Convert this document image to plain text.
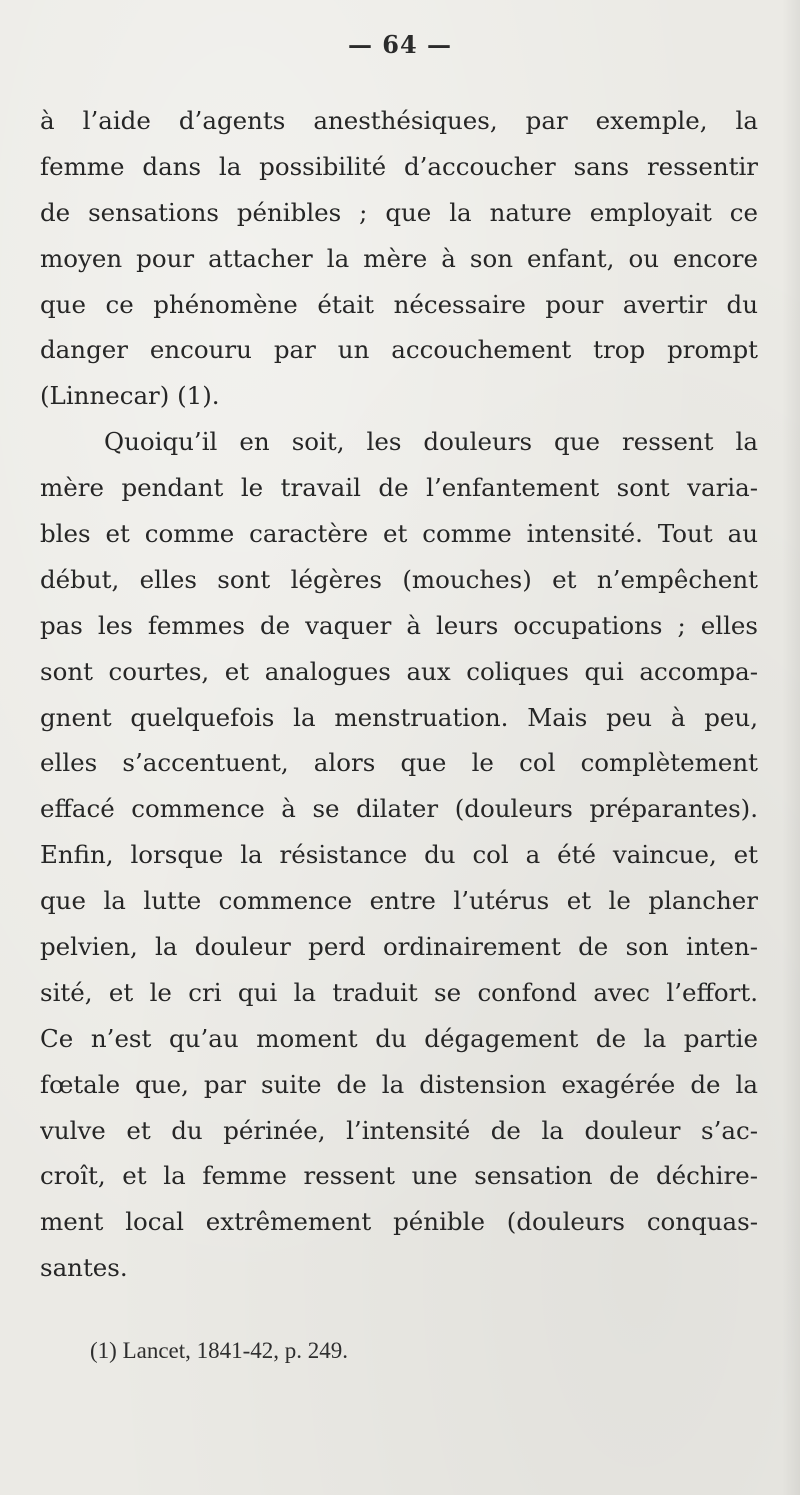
— 64 —
à l’aide d’agents anesthésiques, par exemple, la
femme dans la possibilité d’accoucher sans ressentir
de sensations pénibles ; que la nature employait ce
moyen pour attacher la mère à son enfant, ou encore
que ce phénomène était nécessaire pour avertir du
danger encouru par un accouchement trop prompt
(Linnecar) (1).
Quoiqu’il en soit, les douleurs que ressent la
mère pendant le travail de l’enfantement sont varia-
bles et comme caractère et comme intensité. Tout au
début, elles sont légères (mouches) et n’empêchent
pas les femmes de vaquer à leurs occupations ; elles
sont courtes, et analogues aux coliques qui accompa-
gnent quelquefois la menstruation. Mais peu à peu,
elles s’accentuent, alors que le col complètement
effacé commence à se dilater (douleurs préparantes).
Enfin, lorsque la résistance du col a été vaincue, et
que la lutte commence entre l’utérus et le plancher
pelvien, la douleur perd ordinairement de son inten-
sité, et le cri qui la traduit se confond avec l’effort.
Ce n’est qu’au moment du dégagement de la partie
fœtale que, par suite de la distension exagérée de la
vulve et du périnée, l’intensité de la douleur s’ac-
croît, et la femme ressent une sensation de déchire-
ment local extrêmement pénible (douleurs conquas-
santes.
(1) Lancet, 1841-42, p. 249.
